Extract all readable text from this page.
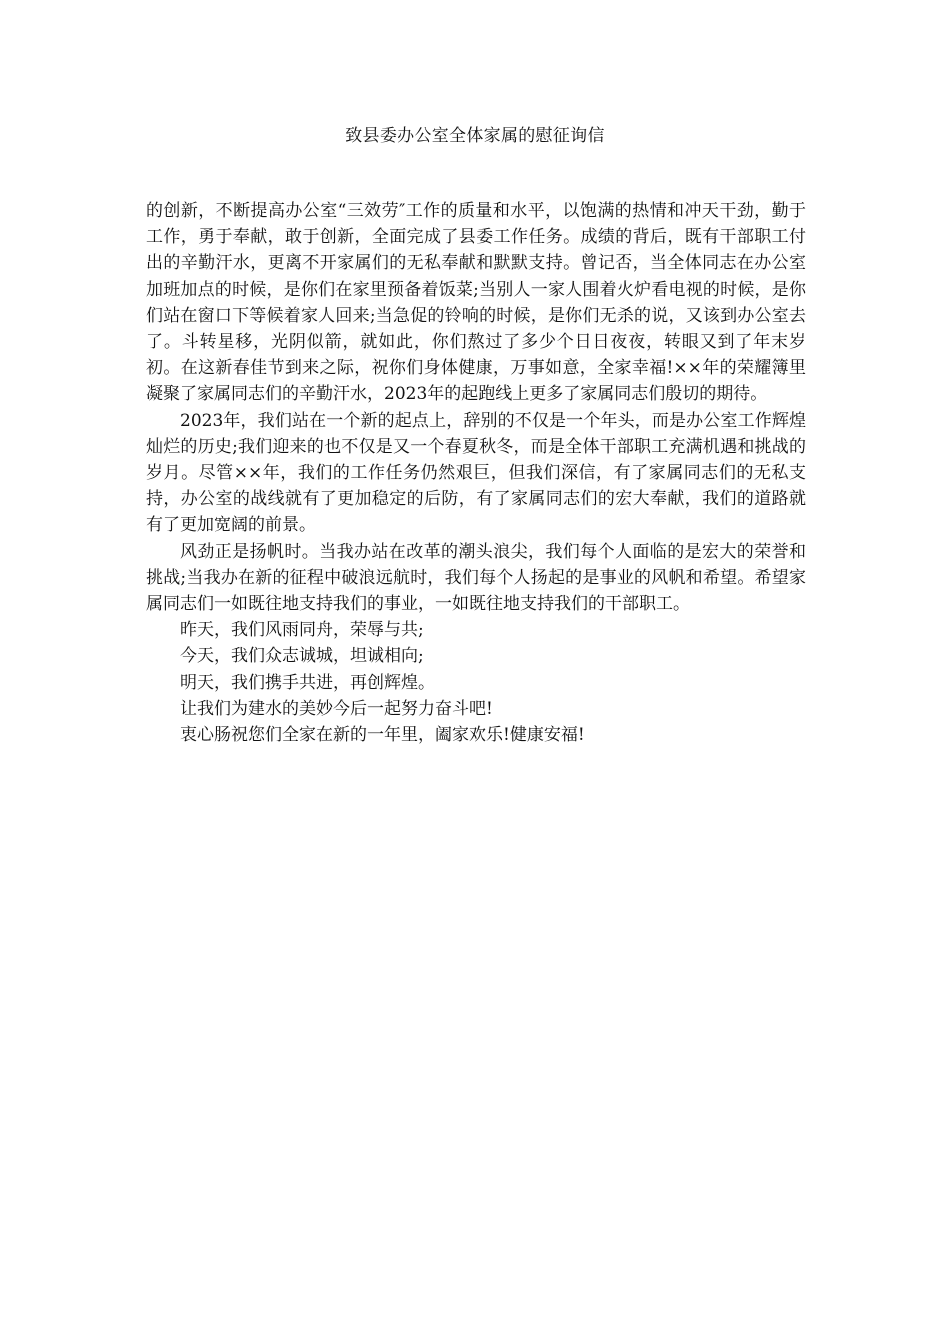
致县委办公室全体家属的慰征询信

的创新，不断提高办公室“三效劳″工作的质量和水平，以饱满的热情和冲天干劲，勤于工作，勇于奉献，敢于创新，全面完成了县委工作任务。成绩的背后，既有干部职工付出的辛勤汗水，更离不开家属们的无私奉献和默默支持。曾记否，当全体同志在办公室加班加点的时候，是你们在家里预备着饭菜;当别人一家人围着火炉看电视的时候，是你们站在窗口下等候着家人回来;当急促的铃响的时候，是你们无杀的说，又该到办公室去了。斗转星移，光阴似箭，就如此，你们熬过了多少个日日夜夜，转眼又到了年末岁初。在这新春佳节到来之际，祝你们身体健康，万事如意，全家幸福!××年的荣耀簿里凝聚了家属同志们的辛勤汗水，2023年的起跑线上更多了家属同志们殷切的期待。

2023年，我们站在一个新的起点上，辞别的不仅是一个年头，而是办公室工作辉煌灿烂的历史;我们迎来的也不仅是又一个春夏秋冬，而是全体干部职工充满机遇和挑战的岁月。尽管××年，我们的工作任务仍然艰巨，但我们深信，有了家属同志们的无私支持，办公室的战线就有了更加稳定的后防，有了家属同志们的宏大奉献，我们的道路就有了更加宽阔的前景。

风劲正是扬帆时。当我办站在改革的潮头浪尖，我们每个人面临的是宏大的荣誉和挑战;当我办在新的征程中破浪远航时，我们每个人扬起的是事业的风帆和希望。希望家属同志们一如既往地支持我们的事业，一如既往地支持我们的干部职工。

昨天，我们风雨同舟，荣辱与共;

今天，我们众志诚城，坦诚相向;

明天，我们携手共进，再创辉煌。

让我们为建水的美妙今后一起努力奋斗吧!

衷心肠祝您们全家在新的一年里，阖家欢乐!健康安福!
